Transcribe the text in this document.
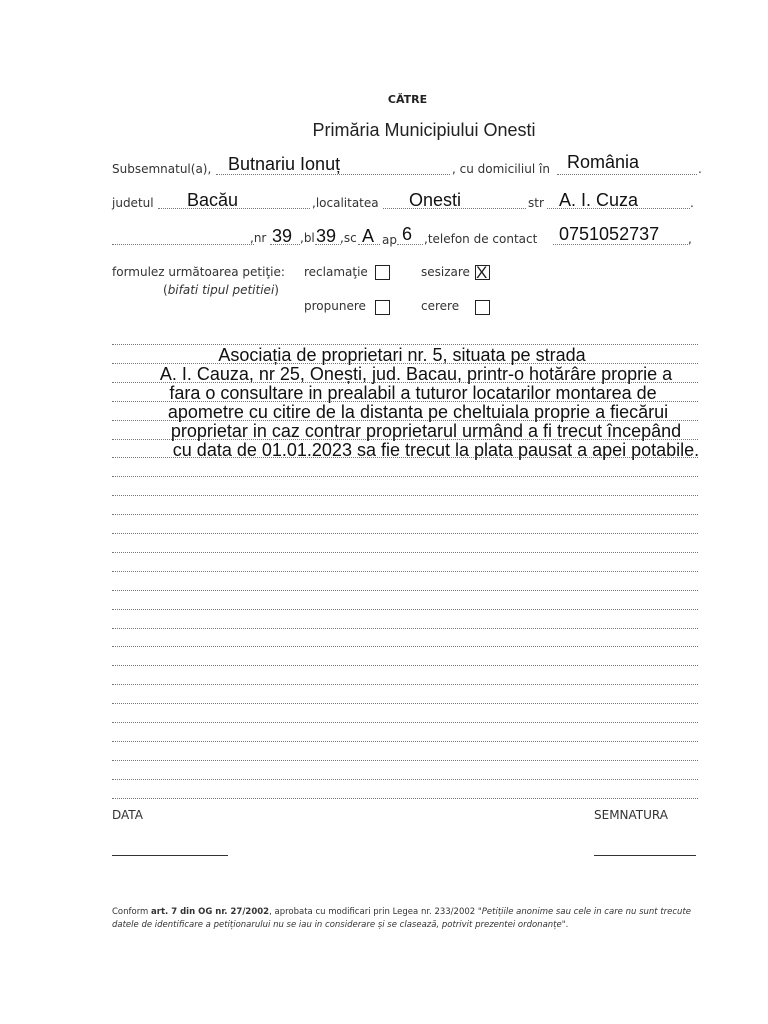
CĂTRE
Primăria Municipiului Onesti
Subsemnatul(a), Butnariu Ionuț	, cu domiciliul în România	.
judetul Bacău	,localitatea Onesti	str A. I. Cuza	.
,nr 39 ,bl 39 ,sc A ap 6 ,telefon de contact 0751052737 ,
formulez următoarea petiţie:
(bifati tipul petitiei)
reclamaţie	sesizare X
propunere	cerere
Asociația de proprietari nr. 5, situata pe strada
A. I. Cauza, nr 25, Onești, jud. Bacau, printr-o hotărâre proprie a
fara o consultare in prealabil a tuturor locatarilor montarea de
apometre cu citire de la distanta pe cheltuiala proprie a fiecărui
proprietar in caz contrar proprietarul urmând a fi trecut începând
cu data de 01.01.2023 sa fie trecut la plata pausat a apei potabile.
DATA	SEMNATURA
Conform art. 7 din OG nr. 27/2002, aprobata cu modificari prin Legea nr. 233/2002 "Petițiile anonime sau cele in care nu sunt trecute datele de identificare a petiționarului nu se iau in considerare și se clasează, potrivit prezentei ordonanțe".
